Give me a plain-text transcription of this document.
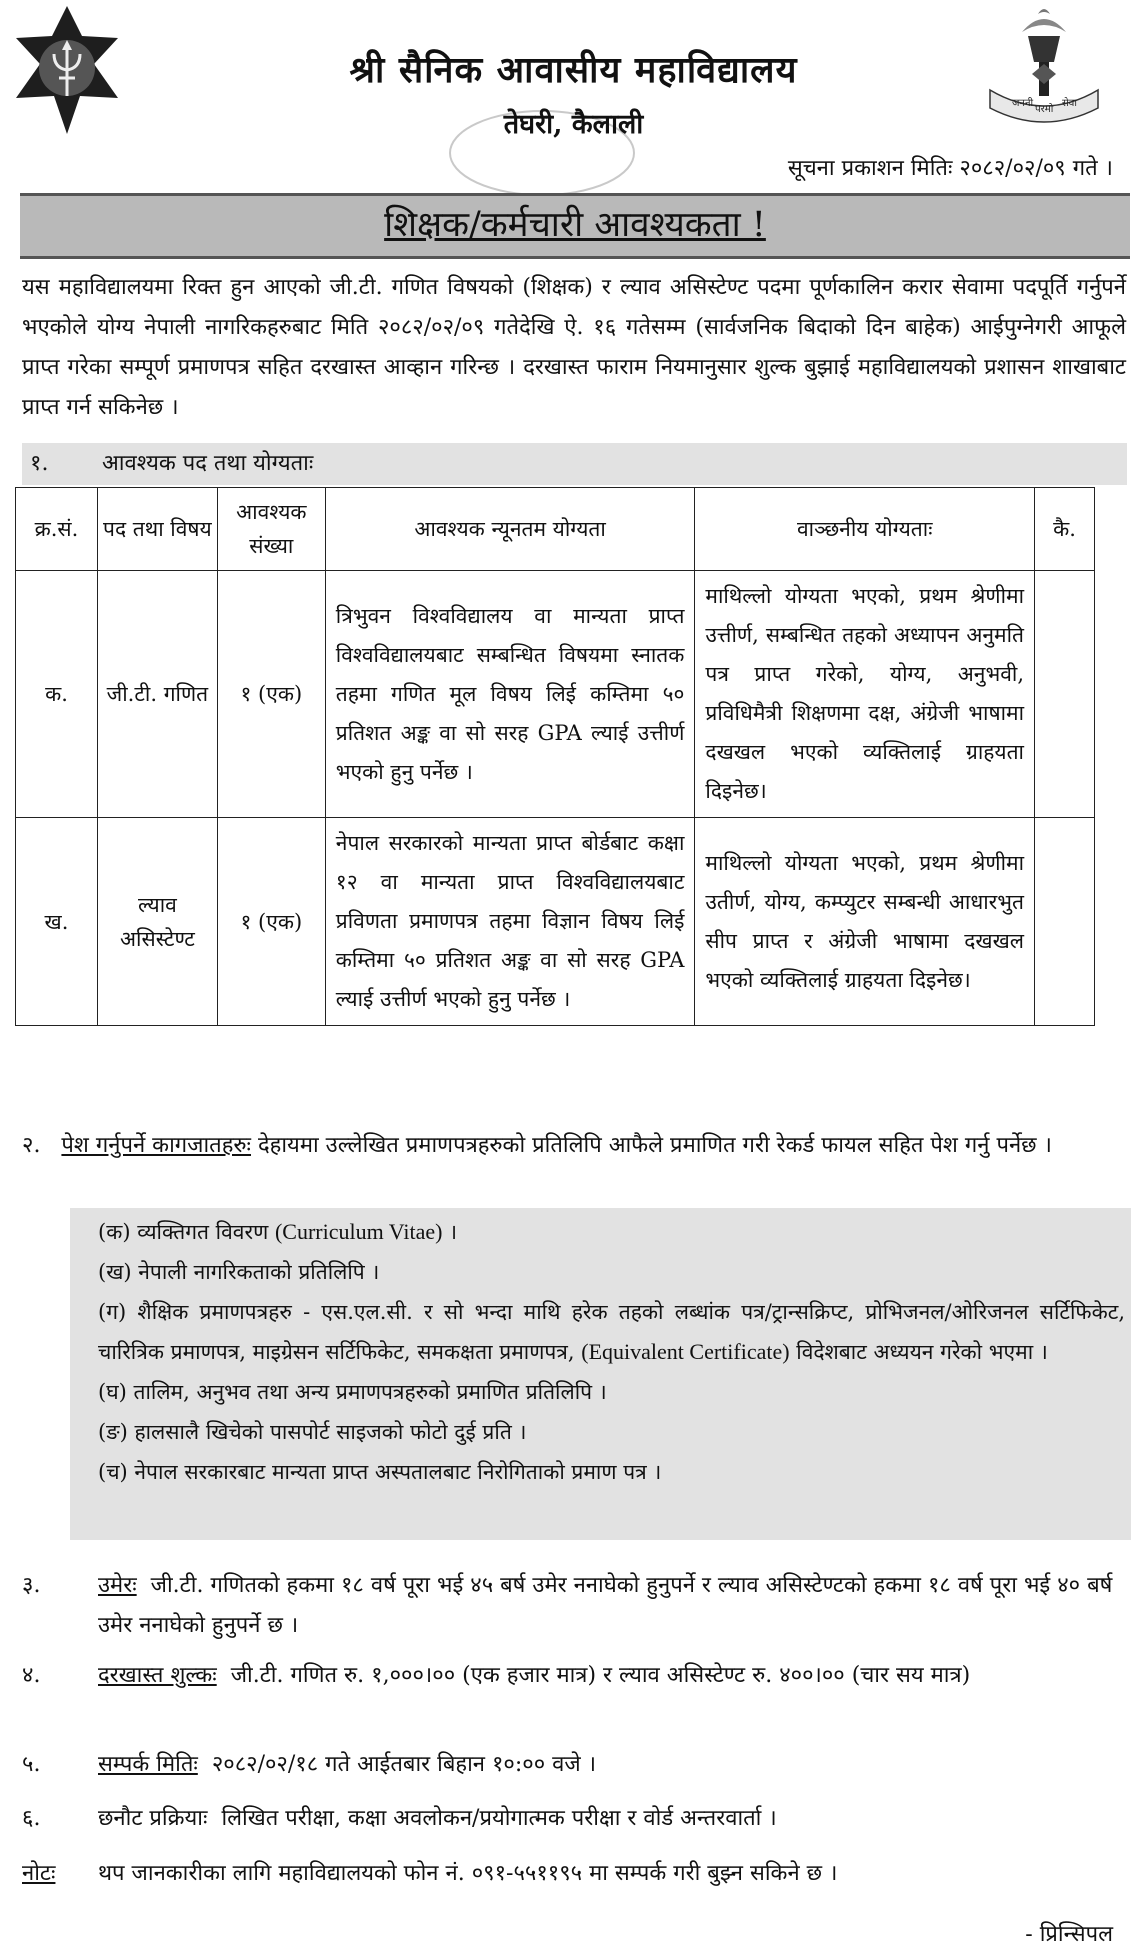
जननी
परमो
सेवा
श्री सैनिक आवासीय महाविद्यालय
तेघरी, कैलाली
सूचना प्रकाशन मितिः २०८२/०२/०९ गते ।
शिक्षक/कर्मचारी आवश्यकता !
यस महाविद्यालयमा रिक्त हुन आएको जी.टी. गणित विषयको (शिक्षक) र ल्याव असिस्टेण्ट पदमा पूर्णकालिन करार सेवामा पदपूर्ति गर्नुपर्ने भएकोले योग्य नेपाली नागरिकहरुबाट मिति २०८२/०२/०९ गतेदेखि ऐ. १६ गतेसम्म (सार्वजनिक बिदाको दिन बाहेक) आईपुग्नेगरी आफूले प्राप्त गरेका सम्पूर्ण प्रमाणपत्र सहित दरखास्त आव्हान गरिन्छ । दरखास्त फाराम नियमानुसार शुल्क बुझाई महाविद्यालयको प्रशासन शाखाबाट प्राप्त गर्न सकिनेछ ।
१. आवश्यक पद तथा योग्यताः
क्र.सं.	पद तथा विषय	आवश्यक संख्या	आवश्यक न्यूनतम योग्यता	वाञ्छनीय योग्यताः	कै.
क.	जी.टी. गणित	१ (एक)	त्रिभुवन विश्वविद्यालय वा मान्यता प्राप्त विश्वविद्यालयबाट सम्बन्धित विषयमा स्नातक तहमा गणित मूल विषय लिई कम्तिमा ५० प्रतिशत अङ्क वा सो सरह GPA ल्याई उत्तीर्ण भएको हुनु पर्नेछ ।	माथिल्लो योग्यता भएको, प्रथम श्रेणीमा उत्तीर्ण, सम्बन्धित तहको अध्यापन अनुमति पत्र प्राप्त गरेको, योग्य, अनुभवी, प्रविधिमैत्री शिक्षणमा दक्ष, अंग्रेजी भाषामा दखखल भएको व्यक्तिलाई ग्राहयता दिइनेछ।	
ख.	ल्याव असिस्टेण्ट	१ (एक)	नेपाल सरकारको मान्यता प्राप्त बोर्डबाट कक्षा १२ वा मान्यता प्राप्त विश्वविद्यालयबाट प्रविणता प्रमाणपत्र तहमा विज्ञान विषय लिई कम्तिमा ५० प्रतिशत अङ्क वा सो सरह GPA ल्याई उत्तीर्ण भएको हुनु पर्नेछ ।	माथिल्लो योग्यता भएको, प्रथम श्रेणीमा उतीर्ण, योग्य, कम्प्युटर सम्बन्धी आधारभुत सीप प्राप्त र अंग्रेजी भाषामा दखखल भएको व्यक्तिलाई ग्राहयता दिइनेछ।	
२. पेश गर्नुपर्ने कागजातहरुः देहायमा उल्लेखित प्रमाणपत्रहरुको प्रतिलिपि आफैले प्रमाणित गरी रेकर्ड फायल सहित पेश गर्नु पर्नेछ ।
(क) व्यक्तिगत विवरण (Curriculum Vitae) ।
(ख) नेपाली नागरिकताको प्रतिलिपि ।
(ग) शैक्षिक प्रमाणपत्रहरु - एस.एल.सी. र सो भन्दा माथि हरेक तहको लब्धांक पत्र/ट्रान्सक्रिप्ट, प्रोभिजनल/ओरिजनल सर्टिफिकेट, चारित्रिक प्रमाणपत्र, माइग्रेसन सर्टिफिकेट, समकक्षता प्रमाणपत्र, (Equivalent Certificate) विदेशबाट अध्ययन गरेको भएमा ।
(घ) तालिम, अनुभव तथा अन्य प्रमाणपत्रहरुको प्रमाणित प्रतिलिपि ।
(ङ) हालसालै खिचेको पासपोर्ट साइजको फोटो दुई प्रति ।
(च) नेपाल सरकारबाट मान्यता प्राप्त अस्पतालबाट निरोगिताको प्रमाण पत्र ।
३.	उमेरः जी.टी. गणितको हकमा १८ वर्ष पूरा भई ४५ बर्ष उमेर ननाघेको हुनुपर्ने र ल्याव असिस्टेण्टको हकमा १८ वर्ष पूरा भई ४० बर्ष उमेर ननाघेको हुनुपर्ने छ ।
४.	दरखास्त शुल्कः जी.टी. गणित रु. १,०००।०० (एक हजार मात्र) र ल्याव असिस्टेण्ट रु. ४००।०० (चार सय मात्र)
५.	सम्पर्क मितिः २०८२/०२/१८ गते आईतबार बिहान १०:०० वजे ।
६.	छनौट प्रक्रियाः लिखित परीक्षा, कक्षा अवलोकन/प्रयोगात्मक परीक्षा र वोर्ड अन्तरवार्ता ।
नोटः	थप जानकारीका लागि महाविद्यालयको फोन नं. ०९१-५५११९५ मा सम्पर्क गरी बुझ्न सकिने छ ।
- प्रिन्सिपल
